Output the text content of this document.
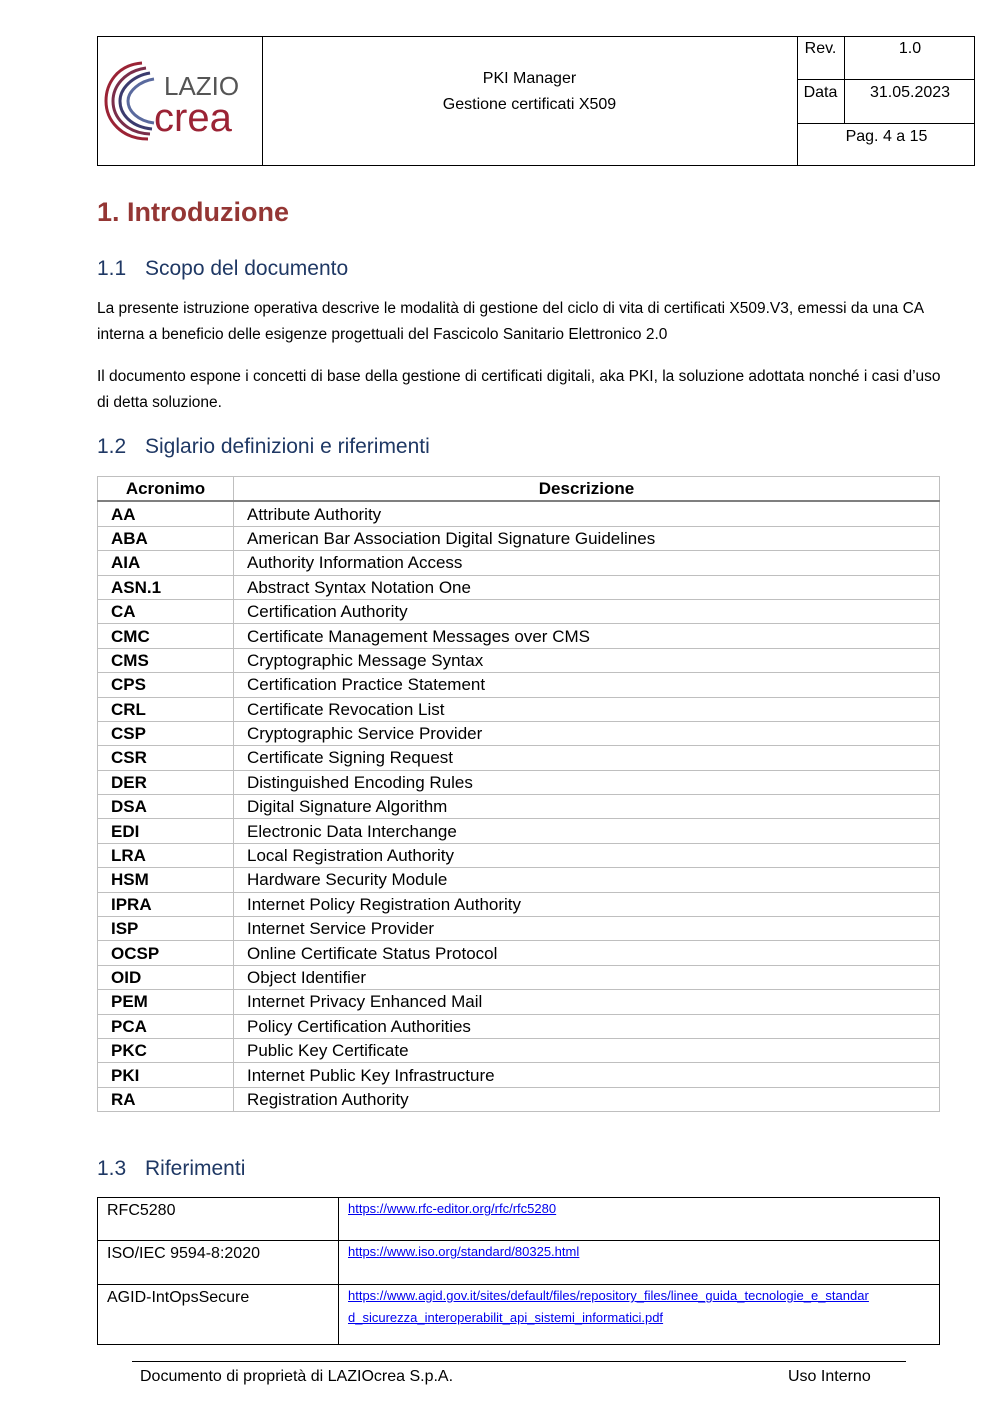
LAZIO
crea
PKI Manager
Gestione certificati X509
Rev.	1.0
Data	31.05.2023
Pag. 4 a 15
1. Introduzione
1.1 Scopo del documento

La presente istruzione operativa descrive le modalità di gestione del ciclo di vita di certificati X509.V3, emessi da una CA interna a beneficio delle esigenze progettuali del Fascicolo Sanitario Elettronico 2.0

Il documento espone i concetti di base della gestione di certificati digitali, aka PKI, la soluzione adottata nonché i casi d’uso di detta soluzione.

1.2 Siglario definizioni e riferimenti
Acronimo	Descrizione
AA	Attribute Authority
ABA	American Bar Association Digital Signature Guidelines
AIA	Authority Information Access
ASN.1	Abstract Syntax Notation One
CA	Certification Authority
CMC	Certificate Management Messages over CMS
CMS	Cryptographic Message Syntax
CPS	Certification Practice Statement
CRL	Certificate Revocation List
CSP	Cryptographic Service Provider
CSR	Certificate Signing Request
DER	Distinguished Encoding Rules
DSA	Digital Signature Algorithm
EDI	Electronic Data Interchange
LRA	Local Registration Authority
HSM	Hardware Security Module
IPRA	Internet Policy Registration Authority
ISP	Internet Service Provider
OCSP	Online Certificate Status Protocol
OID	Object Identifier
PEM	Internet Privacy Enhanced Mail
PCA	Policy Certification Authorities
PKC	Public Key Certificate
PKI	Internet Public Key Infrastructure
RA	Registration Authority
1.3 Riferimenti
RFC5280	https://www.rfc-editor.org/rfc/rfc5280
ISO/IEC 9594-8:2020	https://www.iso.org/standard/80325.html
AGID-IntOpsSecure	https://www.agid.gov.it/sites/default/files/repository_files/linee_guida_tecnologie_e_standar
d_sicurezza_interoperabilit_api_sistemi_informatici.pdf
Documento di proprietà di LAZIOcrea S.p.A.	Uso Interno
